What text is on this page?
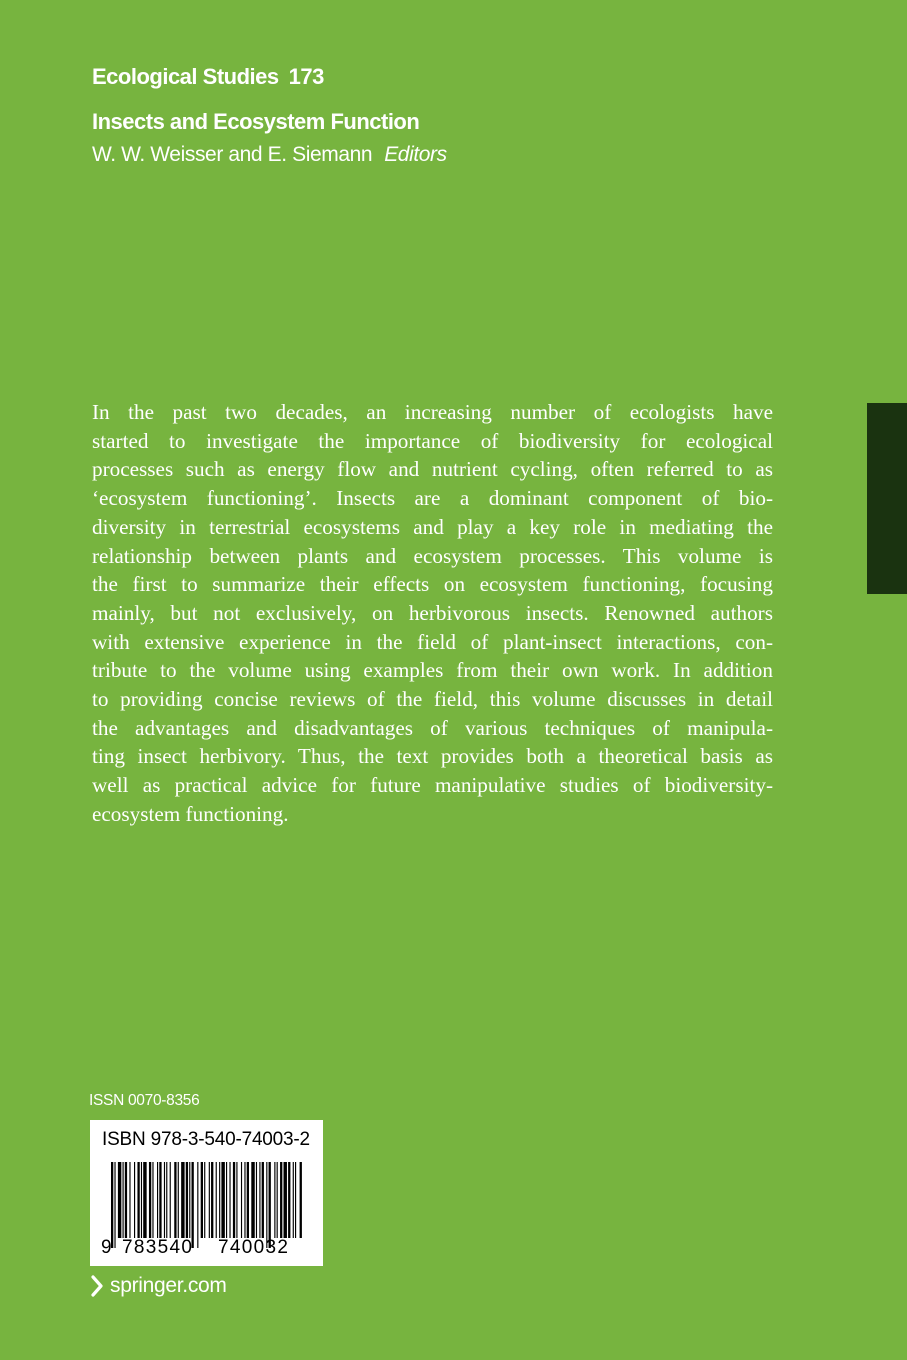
Ecological Studies 173
Insects and Ecosystem Function
W. W. Weisser and E. Siemann Editors
In the past two decades, an increasing number of ecologists have
started to investigate the importance of biodiversity for ecological
processes such as energy flow and nutrient cycling, often referred to as
‘ecosystem functioning’. Insects are a dominant component of bio-
diversity in terrestrial ecosystems and play a key role in mediating the
relationship between plants and ecosystem processes. This volume is
the first to summarize their effects on ecosystem functioning, focusing
mainly, but not exclusively, on herbivorous insects. Renowned authors
with extensive experience in the field of plant-insect interactions, con-
tribute to the volume using examples from their own work. In addition
to providing concise reviews of the field, this volume discusses in detail
the advantages and disadvantages of various techniques of manipula-
ting insect herbivory. Thus, the text provides both a theoretical basis as
well as practical advice for future manipulative studies of biodiversity-
ecosystem functioning.
ISSN 0070-8356
ISBN 978-3-540-74003-2
9 783540 740032
springer.com
